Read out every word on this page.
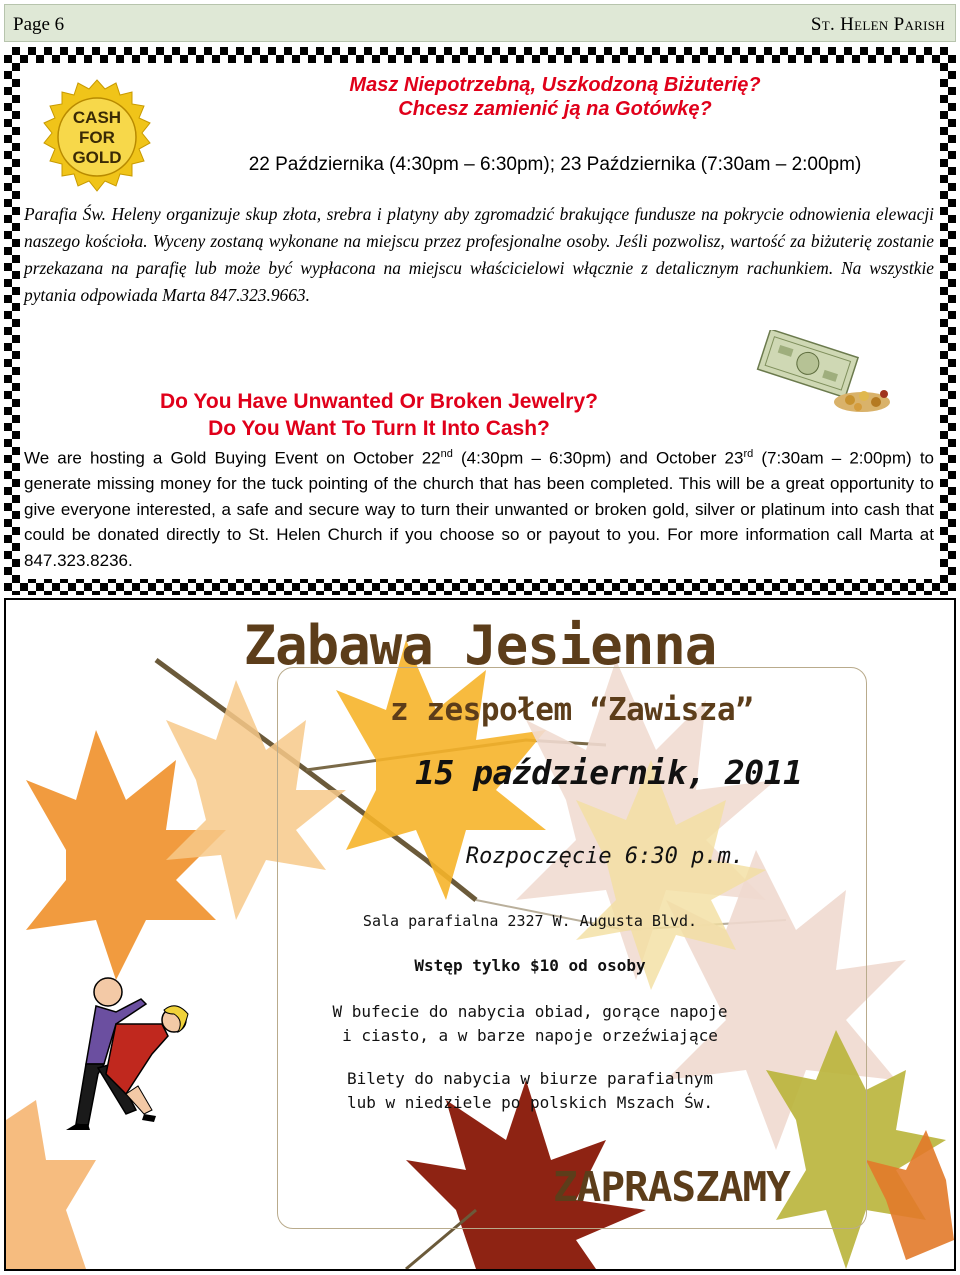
Page 6	St. Helen Parish
CASH
FOR
GOLD
Masz Niepotrzebną, Uszkodzoną Biżuterię?
Chcesz zamienić ją na Gotówkę?
22 Października (4:30pm – 6:30pm); 23 Października (7:30am – 2:00pm)
Parafia Św. Heleny organizuje skup złota, srebra i platyny aby zgromadzić brakujące fundusze na pokrycie odnowienia elewacji naszego kościoła. Wyceny zostaną wykonane na miejscu przez profesjonalne osoby. Jeśli pozwolisz, wartość za biżuterię zostanie przekazana na parafię lub może być wypłacona na miejscu właścicielowi włącznie z detalicznym rachunkiem. Na wszystkie pytania odpowiada Marta 847.323.9663.
Do You Have Unwanted Or Broken Jewelry?
Do You Want To Turn It Into Cash?
We are hosting a Gold Buying Event on October 22nd (4:30pm – 6:30pm) and October 23rd (7:30am – 2:00pm) to generate missing money for the tuck pointing of the church that has been completed. This will be a great opportunity to give everyone interested, a safe and secure way to turn their unwanted or broken gold, silver or platinum into cash that could be donated directly to St. Helen Church if you choose so or payout to you. For more information call Marta at 847.323.8236.
Zabawa Jesienna
z zespołem “Zawisza”
15 październik, 2011
Rozpoczęcie 6:30 p.m.
Sala parafialna 2327 W. Augusta Blvd.
Wstęp tylko $10 od osoby
W bufecie do nabycia obiad, gorące napoje
i ciasto, a w barze napoje orzeźwiające
Bilety do nabycia w biurze parafialnym
lub w niedziele po polskich Mszach Św.
ZAPRASZAMY
